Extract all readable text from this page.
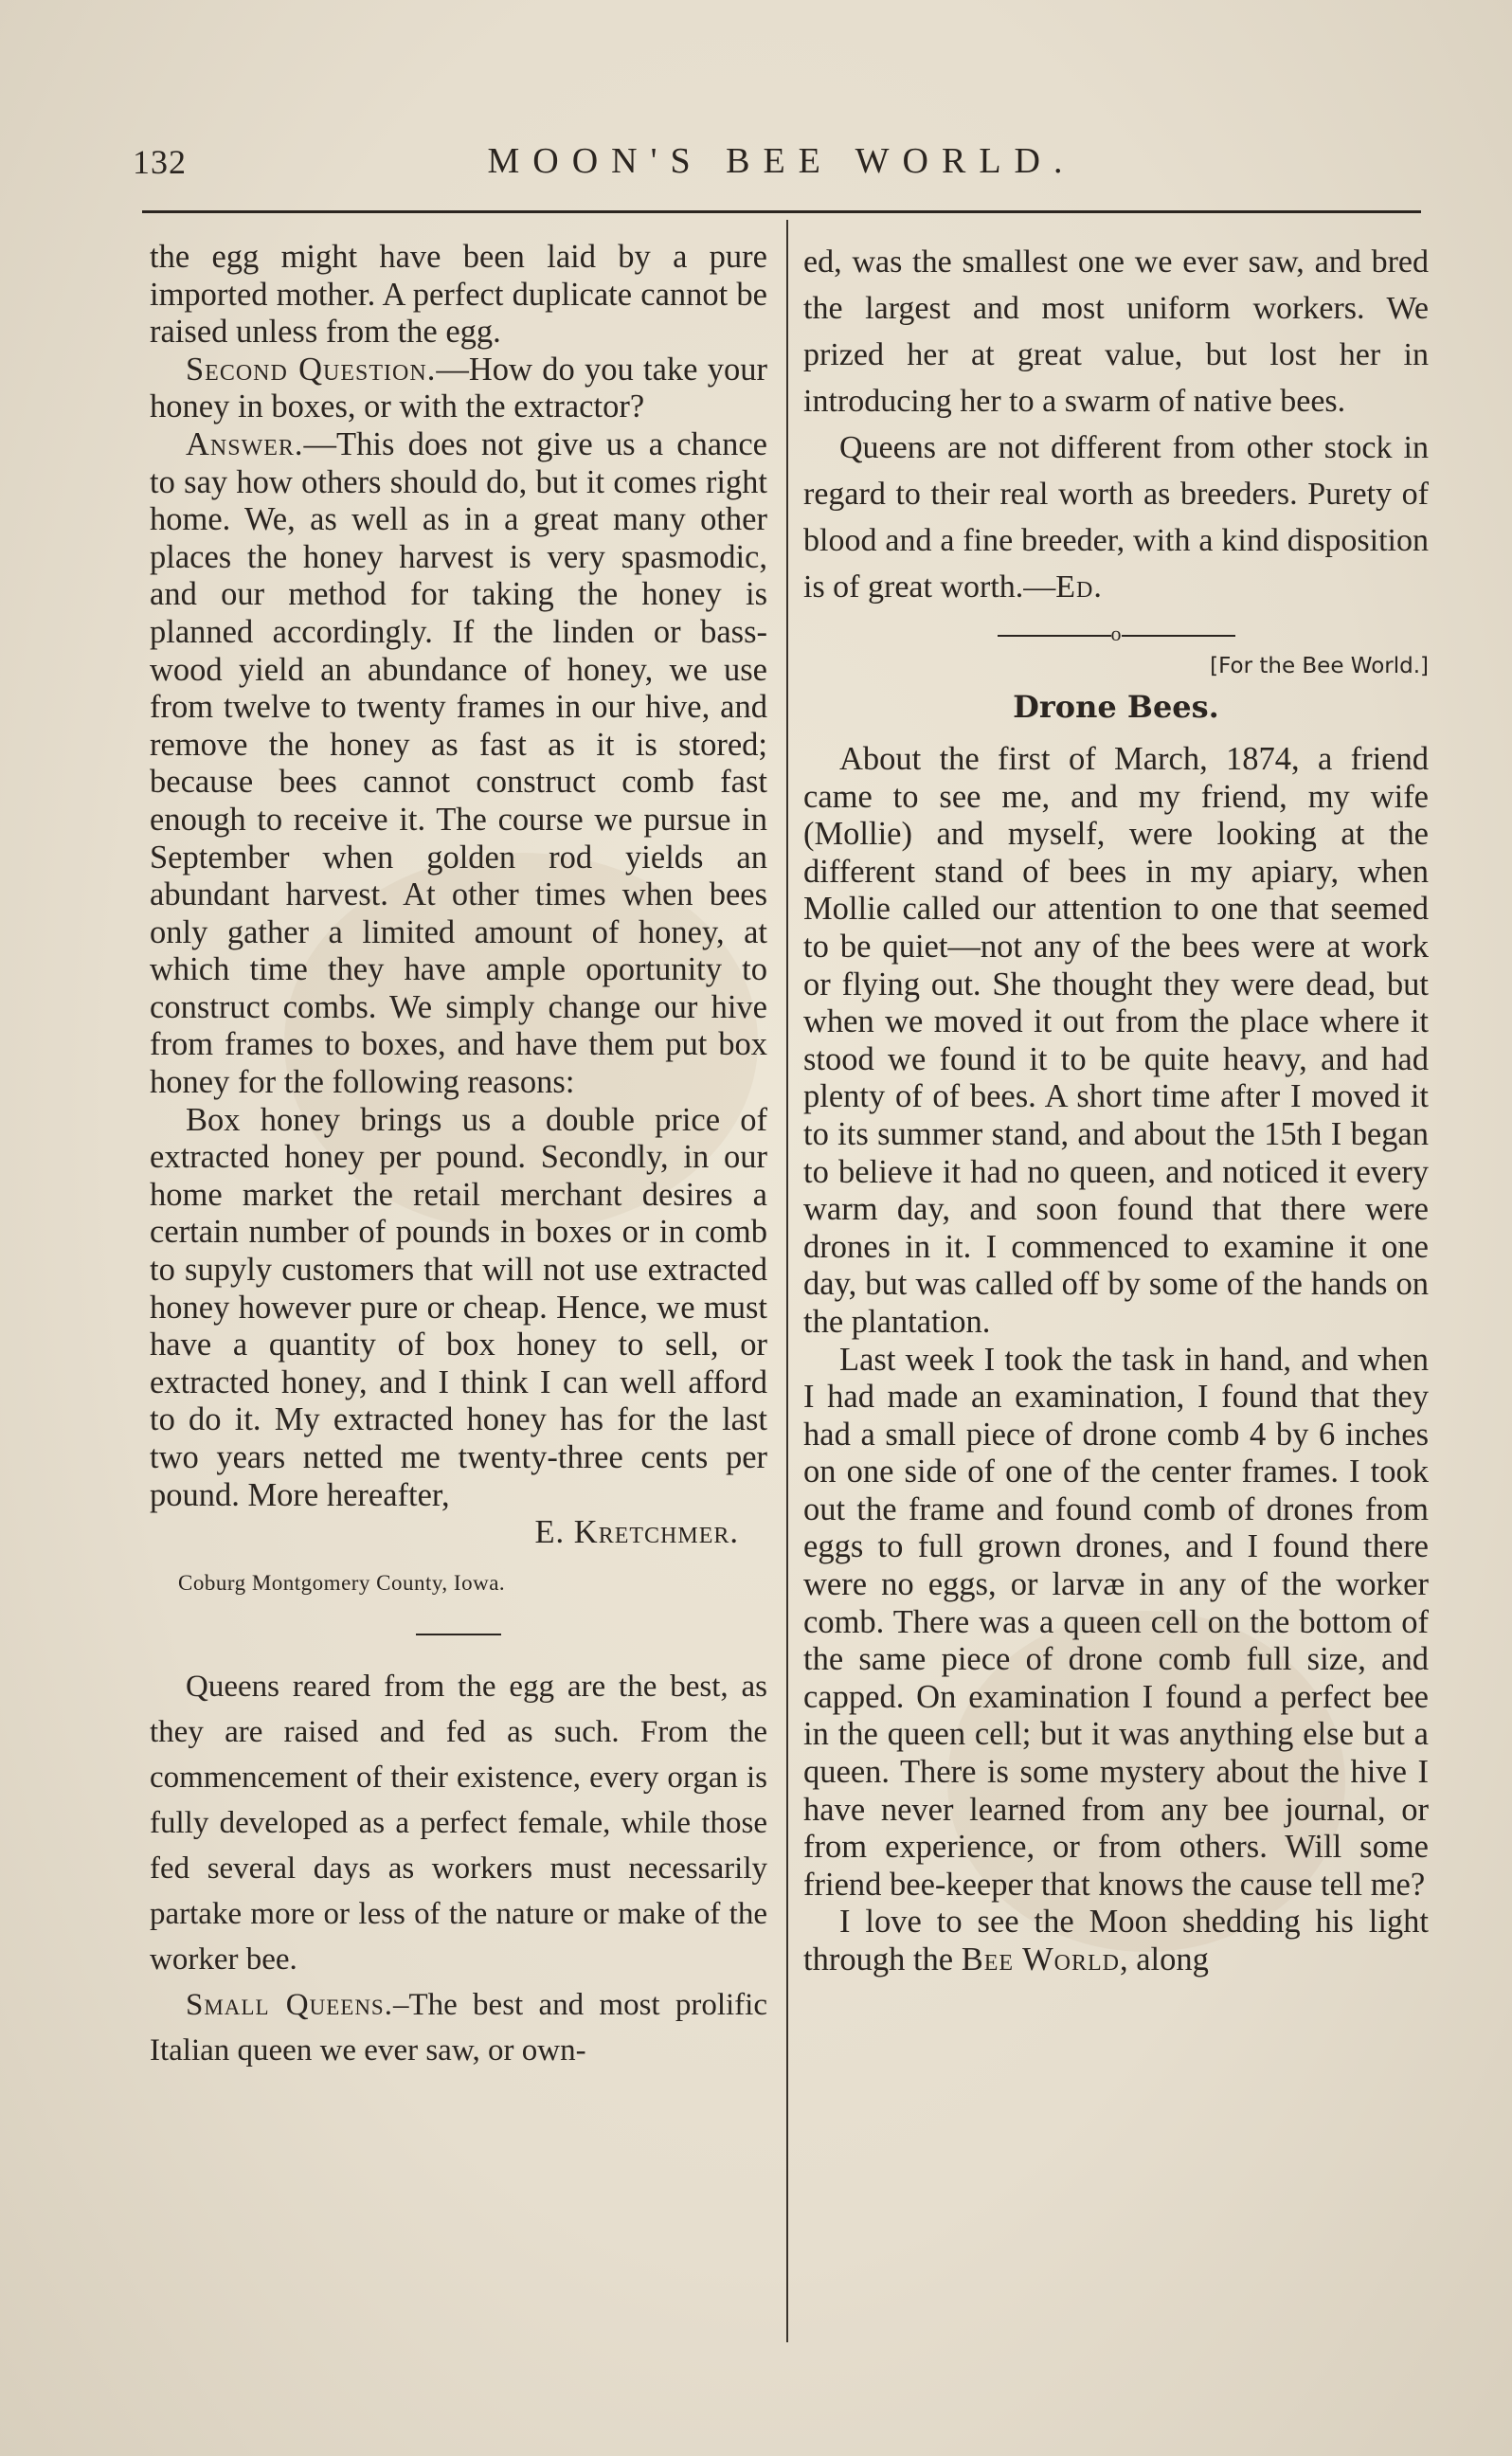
132	MOON'S BEE WORLD.

the egg might have been laid by a pure imported mother. A perfect duplicate cannot be raised unless from the egg.

Second Question.—How do you take your honey in boxes, or with the extractor?

Answer.—This does not give us a chance to say how others should do, but it comes right home. We, as well as in a great many other places the honey harvest is very spasmodic, and our method for taking the honey is planned accordingly. If the linden or bass-wood yield an abundance of honey, we use from twelve to twenty frames in our hive, and remove the honey as fast as it is stored; because bees cannot construct comb fast enough to receive it. The course we pursue in September when golden rod yields an abundant harvest. At other times when bees only gather a limited amount of honey, at which time they have ample oportunity to construct combs. We simply change our hive from frames to boxes, and have them put box honey for the following reasons:

Box honey brings us a double price of extracted honey per pound. Secondly, in our home market the retail merchant desires a certain number of pounds in boxes or in comb to supyly customers that will not use extracted honey however pure or cheap. Hence, we must have a quantity of box honey to sell, or extracted honey, and I think I can well afford to do it. My extracted honey has for the last two years netted me twenty-three cents per pound. More hereafter,

E. Kretchmer.

Coburg Montgomery County, Iowa.

Queens reared from the egg are the best, as they are raised and fed as such. From the commencement of their existence, every organ is fully developed as a perfect female, while those fed several days as workers must necessarily partake more or less of the nature or make of the worker bee.

Small Queens.–The best and most prolific Italian queen we ever saw, or own-

ed, was the smallest one we ever saw, and bred the largest and most uniform workers. We prized her at great value, but lost her in introducing her to a swarm of native bees.

Queens are not different from other stock in regard to their real worth as breeders. Purety of blood and a fine breeder, with a kind disposition is of great worth.—Ed.

o

[For the Bee World.]

Drone Bees.

About the first of March, 1874, a friend came to see me, and my friend, my wife (Mollie) and myself, were looking at the different stand of bees in my apiary, when Mollie called our attention to one that seemed to be quiet—not any of the bees were at work or flying out. She thought they were dead, but when we moved it out from the place where it stood we found it to be quite heavy, and had plenty of of bees. A short time after I moved it to its summer stand, and about the 15th I began to believe it had no queen, and noticed it every warm day, and soon found that there were drones in it. I commenced to examine it one day, but was called off by some of the hands on the plantation.

Last week I took the task in hand, and when I had made an examination, I found that they had a small piece of drone comb 4 by 6 inches on one side of one of the center frames. I took out the frame and found comb of drones from eggs to full grown drones, and I found there were no eggs, or larvæ in any of the worker comb. There was a queen cell on the bottom of the same piece of drone comb full size, and capped. On examination I found a perfect bee in the queen cell; but it was anything else but a queen. There is some mystery about the hive I have never learned from any bee journal, or from experience, or from others. Will some friend bee-keeper that knows the cause tell me?

I love to see the Moon shedding his light through the Bee World, along
